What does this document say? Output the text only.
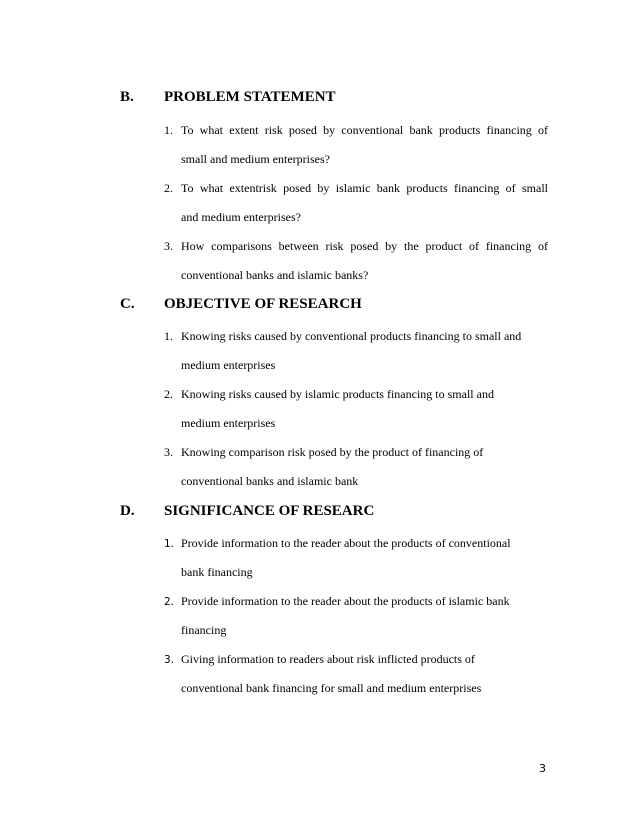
B. PROBLEM STATEMENT
1. To what extent risk posed by conventional bank products financing of
small and medium enterprises?
2. To what extentrisk posed by islamic bank products financing of small
and medium enterprises?
3. How comparisons between risk posed by the product of financing of
conventional banks and islamic banks?
C. OBJECTIVE OF RESEARCH
1. Knowing risks caused by conventional products financing to small and
medium enterprises
2. Knowing risks caused by islamic products financing to small and
medium enterprises
3. Knowing comparison risk posed by the product of financing of
conventional banks and islamic bank
D. SIGNIFICANCE OF RESEARC
1. Provide information to the reader about the products of conventional
bank financing
2. Provide information to the reader about the products of islamic bank
financing
3. Giving information to readers about risk inflicted products of
conventional bank financing for small and medium enterprises
3
